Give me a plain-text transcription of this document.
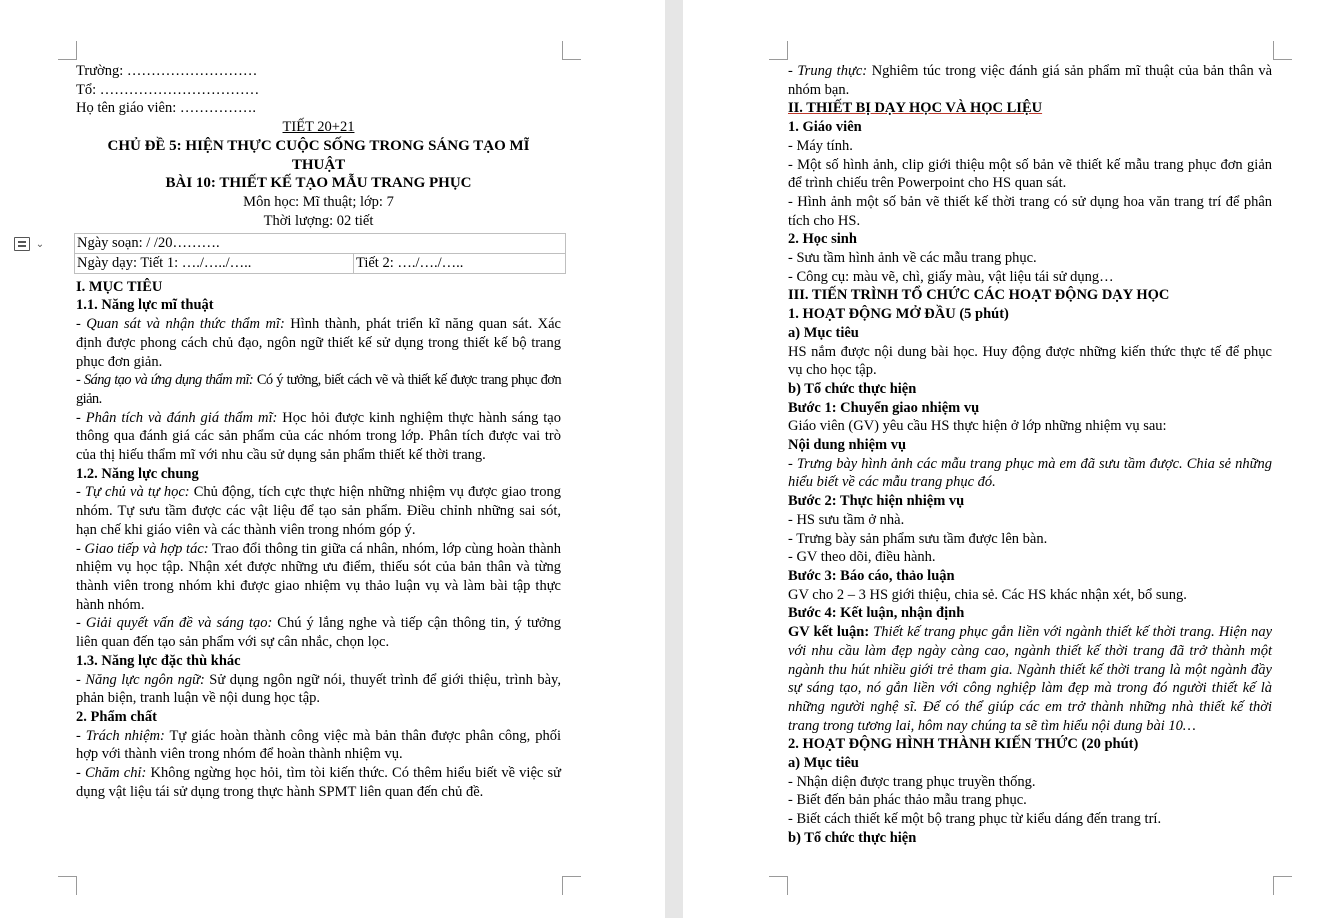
⌄

Trường: ………………………

Tổ: ……………………………

Họ tên giáo viên: …………….

TIẾT 20+21

CHỦ ĐỀ 5: HIỆN THỰC CUỘC SỐNG TRONG SÁNG TẠO MĨ

THUẬT

BÀI 10: THIẾT KẾ TẠO MẪU TRANG PHỤC

Môn học: Mĩ thuật; lớp: 7

Thời lượng: 02 tiết

Ngày soạn: / /20……….
Ngày dạy: Tiết 1: …./…../…..	Tiết 2: …./…./…..

I. MỤC TIÊU

1.1. Năng lực mĩ thuật

- Quan sát và nhận thức thẩm mĩ: Hình thành, phát triển kĩ năng quan sát. Xác định được phong cách chủ đạo, ngôn ngữ thiết kế sử dụng trong thiết kế bộ trang phục đơn giản.

- Sáng tạo và ứng dụng thẩm mĩ: Có ý tưởng, biết cách vẽ và thiết kế được trang phục đơn giản.

- Phân tích và đánh giá thẩm mĩ: Học hỏi được kinh nghiệm thực hành sáng tạo thông qua đánh giá các sản phẩm của các nhóm trong lớp. Phân tích được vai trò của thị hiếu thẩm mĩ với nhu cầu sử dụng sản phẩm thiết kế thời trang.

1.2. Năng lực chung

- Tự chủ và tự học: Chủ động, tích cực thực hiện những nhiệm vụ được giao trong nhóm. Tự sưu tầm được các vật liệu để tạo sản phẩm. Điều chỉnh những sai sót, hạn chế khi giáo viên và các thành viên trong nhóm góp ý.

- Giao tiếp và hợp tác: Trao đổi thông tin giữa cá nhân, nhóm, lớp cùng hoàn thành nhiệm vụ học tập. Nhận xét được những ưu điểm, thiếu sót của bản thân và từng thành viên trong nhóm khi được giao nhiệm vụ thảo luận vụ và làm bài tập thực hành nhóm.

- Giải quyết vấn đề và sáng tạo: Chú ý lắng nghe và tiếp cận thông tin, ý tưởng liên quan đến tạo sản phẩm với sự cân nhắc, chọn lọc.

1.3. Năng lực đặc thù khác

- Năng lực ngôn ngữ: Sử dụng ngôn ngữ nói, thuyết trình để giới thiệu, trình bày, phản biện, tranh luận về nội dung học tập.

2. Phẩm chất

- Trách nhiệm: Tự giác hoàn thành công việc mà bản thân được phân công, phối hợp với thành viên trong nhóm để hoàn thành nhiệm vụ.

- Chăm chỉ: Không ngừng học hỏi, tìm tòi kiến thức. Có thêm hiểu biết về việc sử dụng vật liệu tái sử dụng trong thực hành SPMT liên quan đến chủ đề.

- Trung thực: Nghiêm túc trong việc đánh giá sản phẩm mĩ thuật của bản thân và nhóm bạn.

II. THIẾT BỊ DẠY HỌC VÀ HỌC LIỆU

1. Giáo viên

- Máy tính.

- Một số hình ảnh, clip giới thiệu một số bản vẽ thiết kế mẫu trang phục đơn giản để trình chiếu trên Powerpoint cho HS quan sát.

- Hình ảnh một số bản vẽ thiết kế thời trang có sử dụng hoa văn trang trí để phân tích cho HS.

2. Học sinh

- Sưu tầm hình ảnh về các mẫu trang phục.

- Công cụ: màu vẽ, chì, giấy màu, vật liệu tái sử dụng…

III. TIẾN TRÌNH TỔ CHỨC CÁC HOẠT ĐỘNG DẠY HỌC

1. HOẠT ĐỘNG MỞ ĐẦU (5 phút)

a) Mục tiêu

HS nắm được nội dung bài học. Huy động được những kiến thức thực tế để phục vụ cho học tập.

b) Tổ chức thực hiện

Bước 1: Chuyển giao nhiệm vụ

Giáo viên (GV) yêu cầu HS thực hiện ở lớp những nhiệm vụ sau:

Nội dung nhiệm vụ

- Trưng bày hình ảnh các mẫu trang phục mà em đã sưu tầm được. Chia sẻ những hiểu biết về các mẫu trang phục đó.

Bước 2: Thực hiện nhiệm vụ

- HS sưu tầm ở nhà.

- Trưng bày sản phẩm sưu tầm được lên bàn.

- GV theo dõi, điều hành.

Bước 3: Báo cáo, thảo luận

GV cho 2 – 3 HS giới thiệu, chia sẻ. Các HS khác nhận xét, bổ sung.

Bước 4: Kết luận, nhận định

GV kết luận: Thiết kế trang phục gắn liền với ngành thiết kế thời trang. Hiện nay với nhu cầu làm đẹp ngày càng cao, ngành thiết kế thời trang đã trở thành một ngành thu hút nhiều giới trẻ tham gia. Ngành thiết kế thời trang là một ngành đầy sự sáng tạo, nó gắn liền với công nghiệp làm đẹp mà trong đó người thiết kế là những người nghệ sĩ. Để có thể giúp các em trở thành những nhà thiết kế thời trang trong tương lai, hôm nay chúng ta sẽ tìm hiểu nội dung bài 10…

2. HOẠT ĐỘNG HÌNH THÀNH KIẾN THỨC (20 phút)

a) Mục tiêu

- Nhận diện được trang phục truyền thống.

- Biết đến bản phác thảo mẫu trang phục.

- Biết cách thiết kế một bộ trang phục từ kiểu dáng đến trang trí.

b) Tổ chức thực hiện
